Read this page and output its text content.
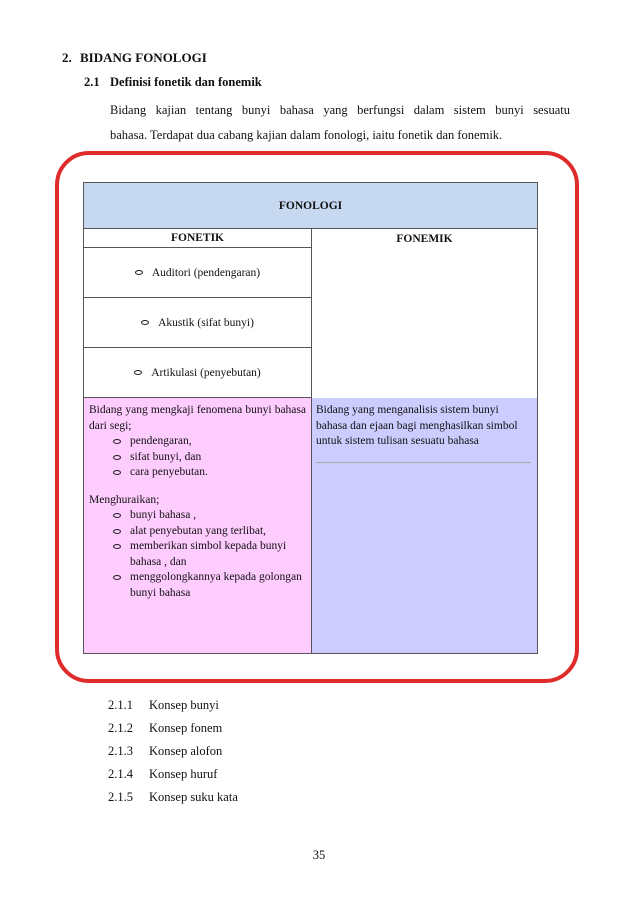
2. BIDANG FONOLOGI
2.1 Definisi fonetik dan fonemik
Bidang kajian tentang bunyi bahasa yang berfungsi dalam sistem bunyi sesuatu
bahasa. Terdapat dua cabang kajian dalam fonologi, iaitu fonetik dan fonemik.
FONOLOGI
FONETIK	FONEMIK
Auditori (pendengaran)
Akustik (sifat bunyi)
Artikulasi (penyebutan)
Bidang yang mengkaji fenomena bunyi bahasa dari segi;
pendengaran,
sifat bunyi, dan
cara penyebutan.
Menghuraikan;
bunyi bahasa ,
alat penyebutan yang terlibat,
memberikan simbol kepada bunyi bahasa , dan
menggolongkannya kepada golongan bunyi bahasa
Bidang yang menganalisis sistem bunyi bahasa dan ejaan bagi menghasilkan simbol untuk sistem tulisan sesuatu bahasa
2.1.1 Konsep bunyi
2.1.2 Konsep fonem
2.1.3 Konsep alofon
2.1.4 Konsep huruf
2.1.5 Konsep suku kata
35
